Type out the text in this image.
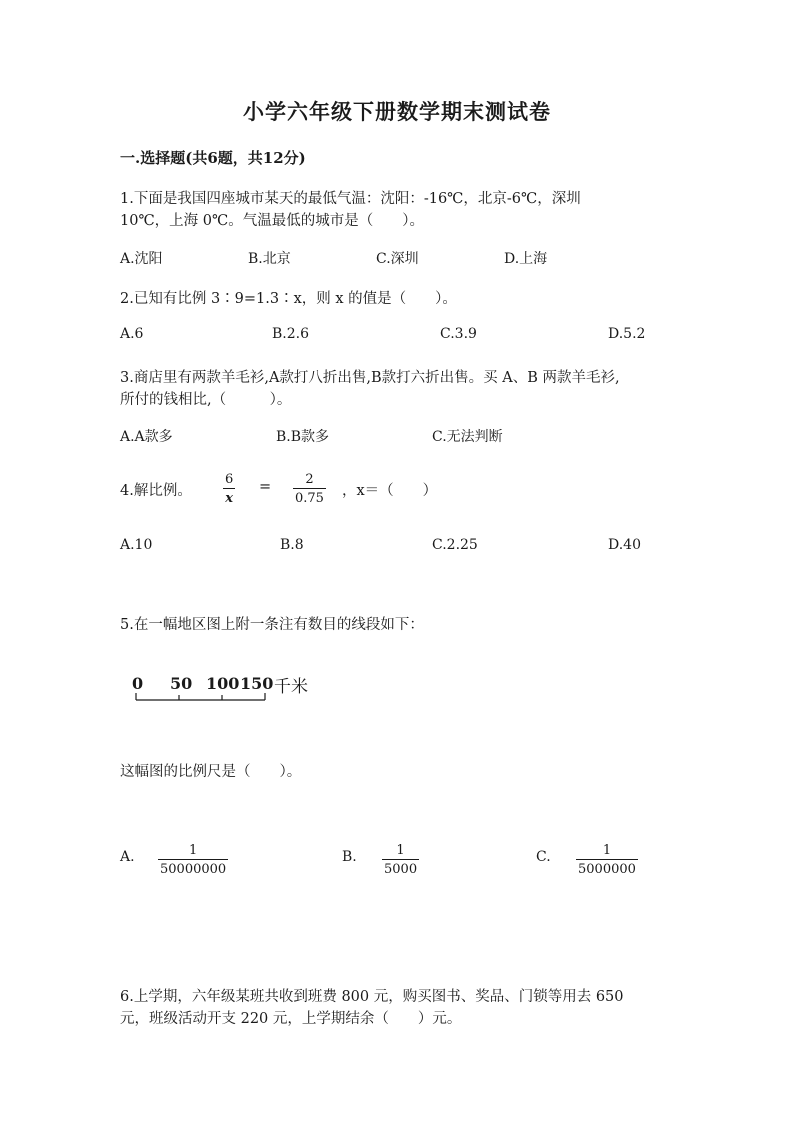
小学六年级下册数学期末测试卷
一.选择题(共6题，共12分)
1.下面是我国四座城市某天的最低气温：沈阳：-16℃，北京-6℃，深圳
10℃，上海 0℃。气温最低的城市是（　　）。
A.沈阳	B.北京	C.深圳	D.上海
2.已知有比例 3∶9=1.3∶x，则 x 的值是（　　）。
A.6	B.2.6	C.3.9	D.5.2
3.商店里有两款羊毛衫,A款打八折出售,B款打六折出售。买 A、B 两款羊毛衫,
所付的钱相比,（　　　）。
A.A款多	B.B款多	C.无法判断
4.解比例。
6
x
=	2
0.75 ，x＝（　　）
A.10	B.8	C.2.25	D.40
5.在一幅地区图上附一条注有数目的线段如下：
0 50 100 150 千米
这幅图的比例尺是（　　）。
A.	1
50000000
B.	1
5000
C.	1
5000000
6.上学期，六年级某班共收到班费 800 元，购买图书、奖品、门锁等用去 650
元，班级活动开支 220 元，上学期结余（　　）元。
